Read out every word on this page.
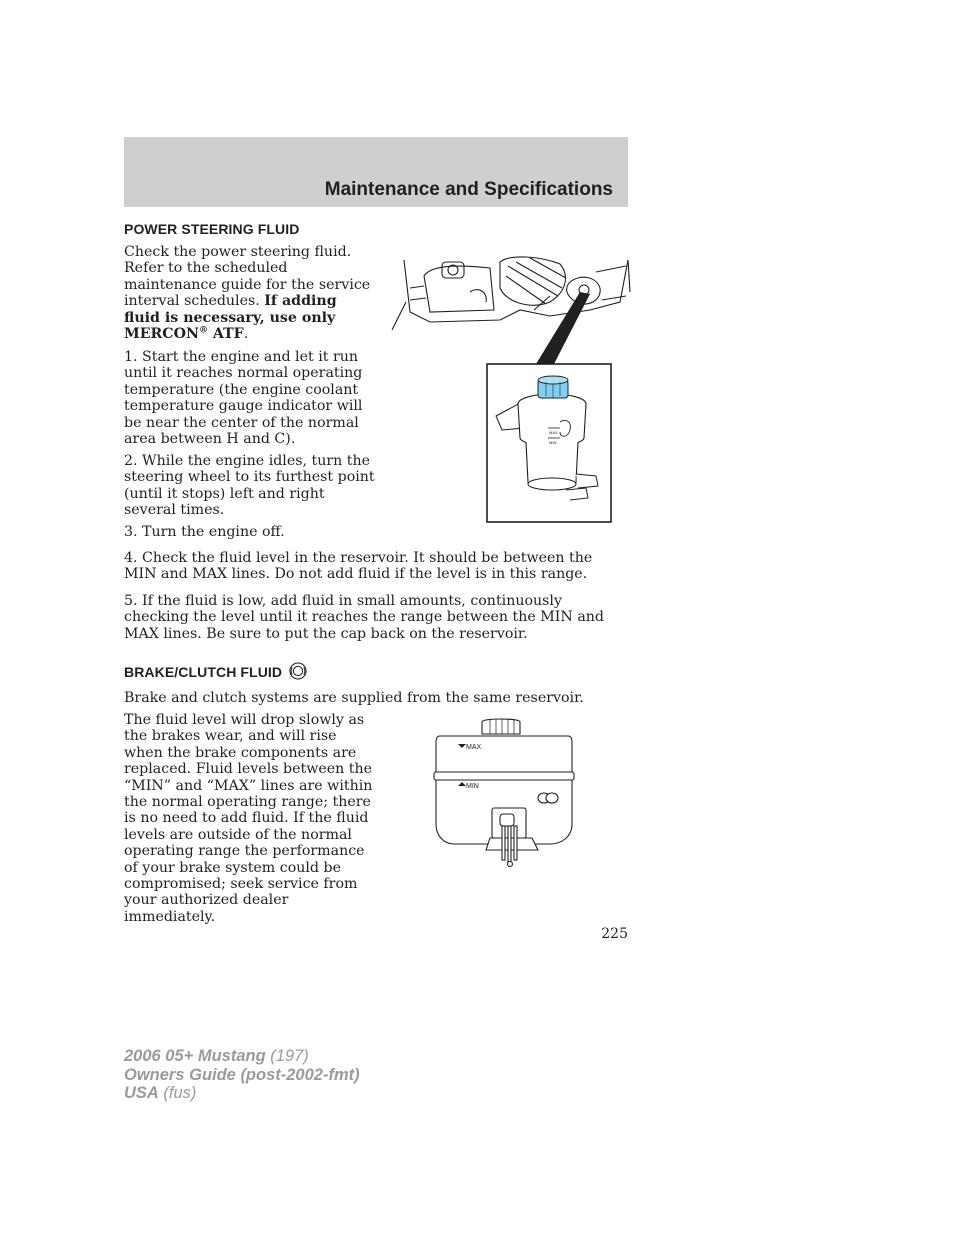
Maintenance and Specifications
POWER STEERING FLUID

Check the power steering fluid. Refer to the scheduled maintenance guide for the service interval schedules. If adding fluid is necessary, use only MERCON® ATF.

1. Start the engine and let it run until it reaches normal operating temperature (the engine coolant temperature gauge indicator will be near the center of the normal area between H and C).

2. While the engine idles, turn the steering wheel to its furthest point (until it stops) left and right several times.

3. Turn the engine off.

4. Check the fluid level in the reservoir. It should be between the MIN and MAX lines. Do not add fluid if the level is in this range.

5. If the fluid is low, add fluid in small amounts, continuously checking the level until it reaches the range between the MIN and MAX lines. Be sure to put the cap back on the reservoir.

MAX
MIN
BRAKE/CLUTCH FLUID

Brake and clutch systems are supplied from the same reservoir.

The fluid level will drop slowly as the brakes wear, and will rise when the brake components are replaced. Fluid levels between the “MIN” and “MAX” lines are within the normal operating range; there is no need to add fluid. If the fluid levels are outside of the normal operating range the performance of your brake system could be compromised; seek service from your authorized dealer immediately.

MAX
MIN
225
2006 05+ Mustang (197)
Owners Guide (post-2002-fmt)
USA (fus)
